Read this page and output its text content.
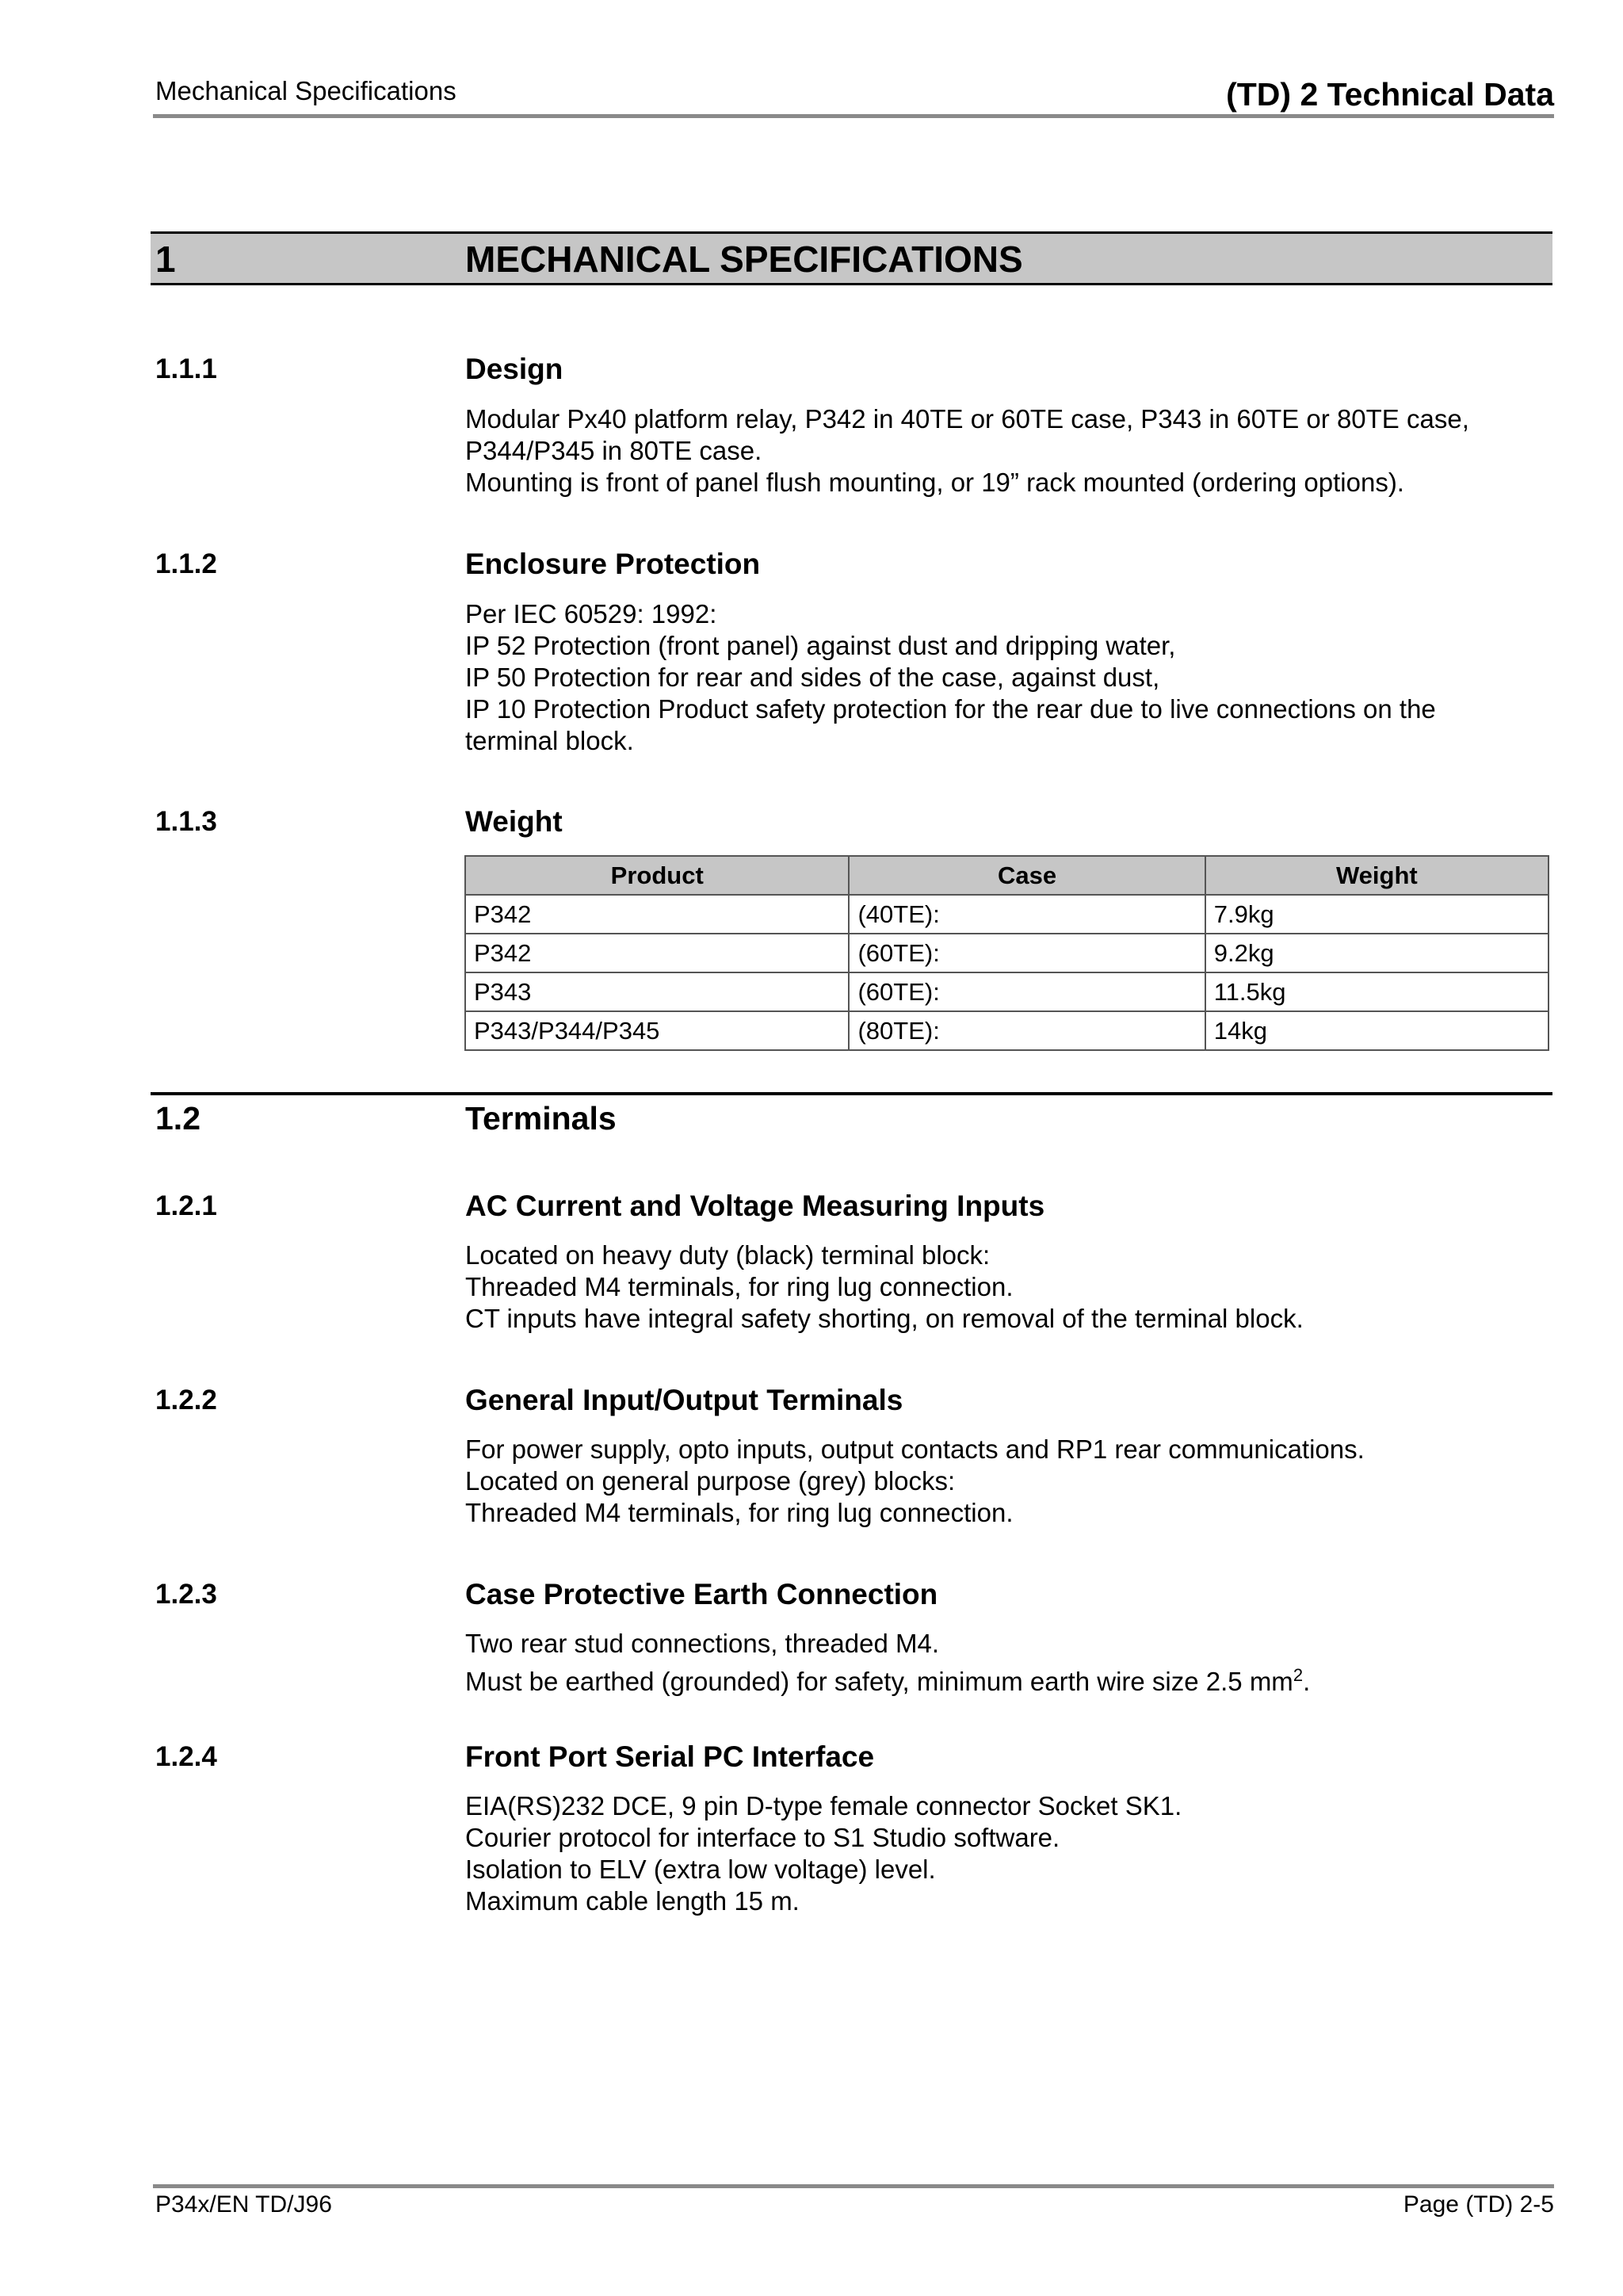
Mechanical Specifications	(TD) 2 Technical Data
1	MECHANICAL SPECIFICATIONS
1.1.1	Design
Modular Px40 platform relay, P342 in 40TE or 60TE case, P343 in 60TE or 80TE case,
P344/P345 in 80TE case.
Mounting is front of panel flush mounting, or 19” rack mounted (ordering options).
1.1.2	Enclosure Protection
Per IEC 60529: 1992:
IP 52 Protection (front panel) against dust and dripping water,
IP 50 Protection for rear and sides of the case, against dust,
IP 10 Protection Product safety protection for the rear due to live connections on the
terminal block.
1.1.3	Weight
Product	Case	Weight
P342	(40TE):	7.9kg
P342	(60TE):	9.2kg
P343	(60TE):	11.5kg
P343/P344/P345	(80TE):	14kg
1.2	Terminals
1.2.1	AC Current and Voltage Measuring Inputs
Located on heavy duty (black) terminal block:
Threaded M4 terminals, for ring lug connection.
CT inputs have integral safety shorting, on removal of the terminal block.
1.2.2	General Input/Output Terminals
For power supply, opto inputs, output contacts and RP1 rear communications.
Located on general purpose (grey) blocks:
Threaded M4 terminals, for ring lug connection.
1.2.3	Case Protective Earth Connection
Two rear stud connections, threaded M4.
Must be earthed (grounded) for safety, minimum earth wire size 2.5 $mm^2$.
1.2.4	Front Port Serial PC Interface
EIA(RS)232 DCE, 9 pin D-type female connector Socket SK1.
Courier protocol for interface to S1 Studio software.
Isolation to ELV (extra low voltage) level.
Maximum cable length 15 m.
P34x/EN TD/J96	Page (TD) 2-5
